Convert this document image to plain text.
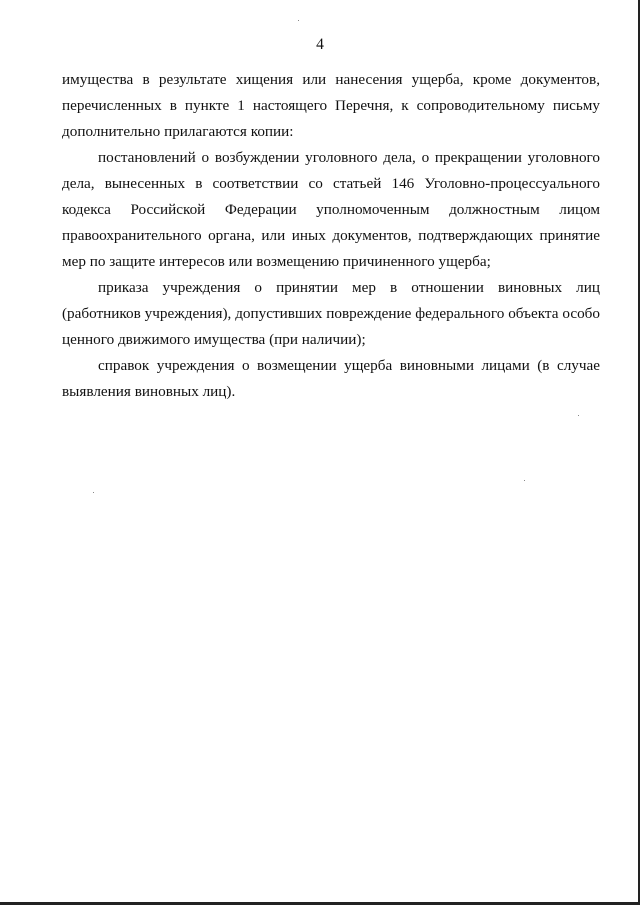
4

имущества в результате хищения или нанесения ущерба, кроме документов, перечисленных в пункте 1 настоящего Перечня, к сопроводительному письму дополнительно прилагаются копии:

постановлений о возбуждении уголовного дела, о прекращении уголовного дела, вынесенных в соответствии со статьей 146 Уголовно-процессуального кодекса Российской Федерации уполномоченным должностным лицом правоохранительного органа, или иных документов, подтверждающих принятие мер по защите интересов или возмещению причиненного ущерба;

приказа учреждения о принятии мер в отношении виновных лиц (работников учреждения), допустивших повреждение федерального объекта особо ценного движимого имущества (при наличии);

справок учреждения о возмещении ущерба виновными лицами (в случае выявления виновных лиц).
